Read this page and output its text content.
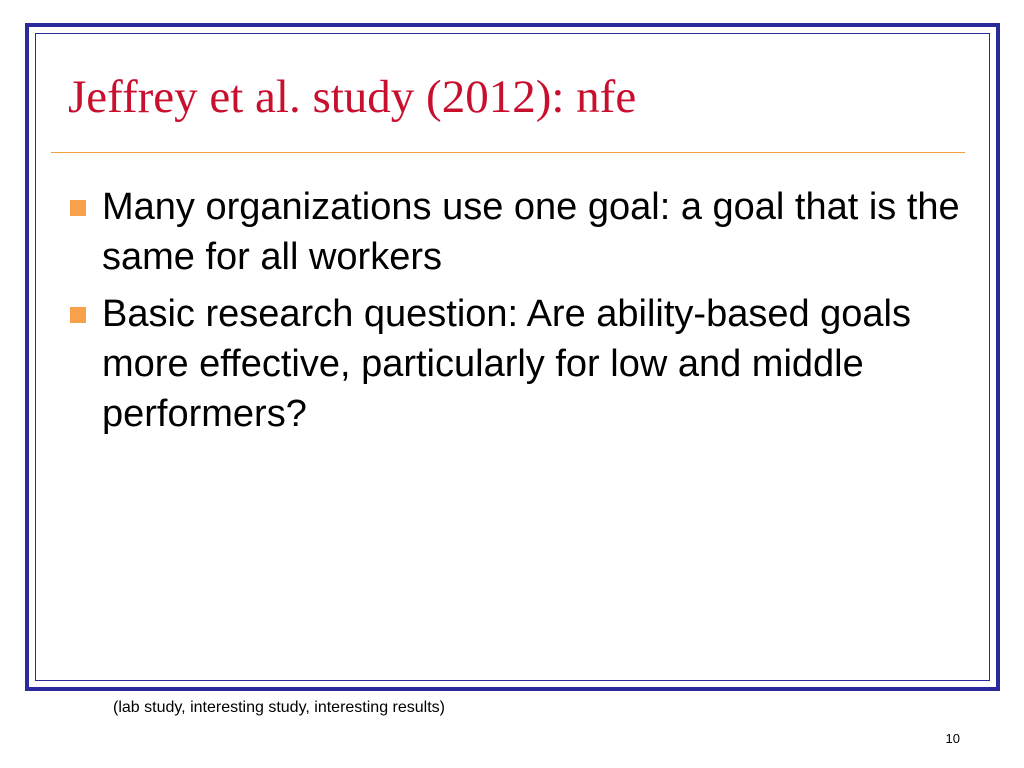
Jeffrey et al. study (2012): nfe
Many organizations use one goal: a goal that is the same for all workers
Basic research question: Are ability-based goals more effective, particularly for low and middle performers?
(lab study, interesting study, interesting results)
10
